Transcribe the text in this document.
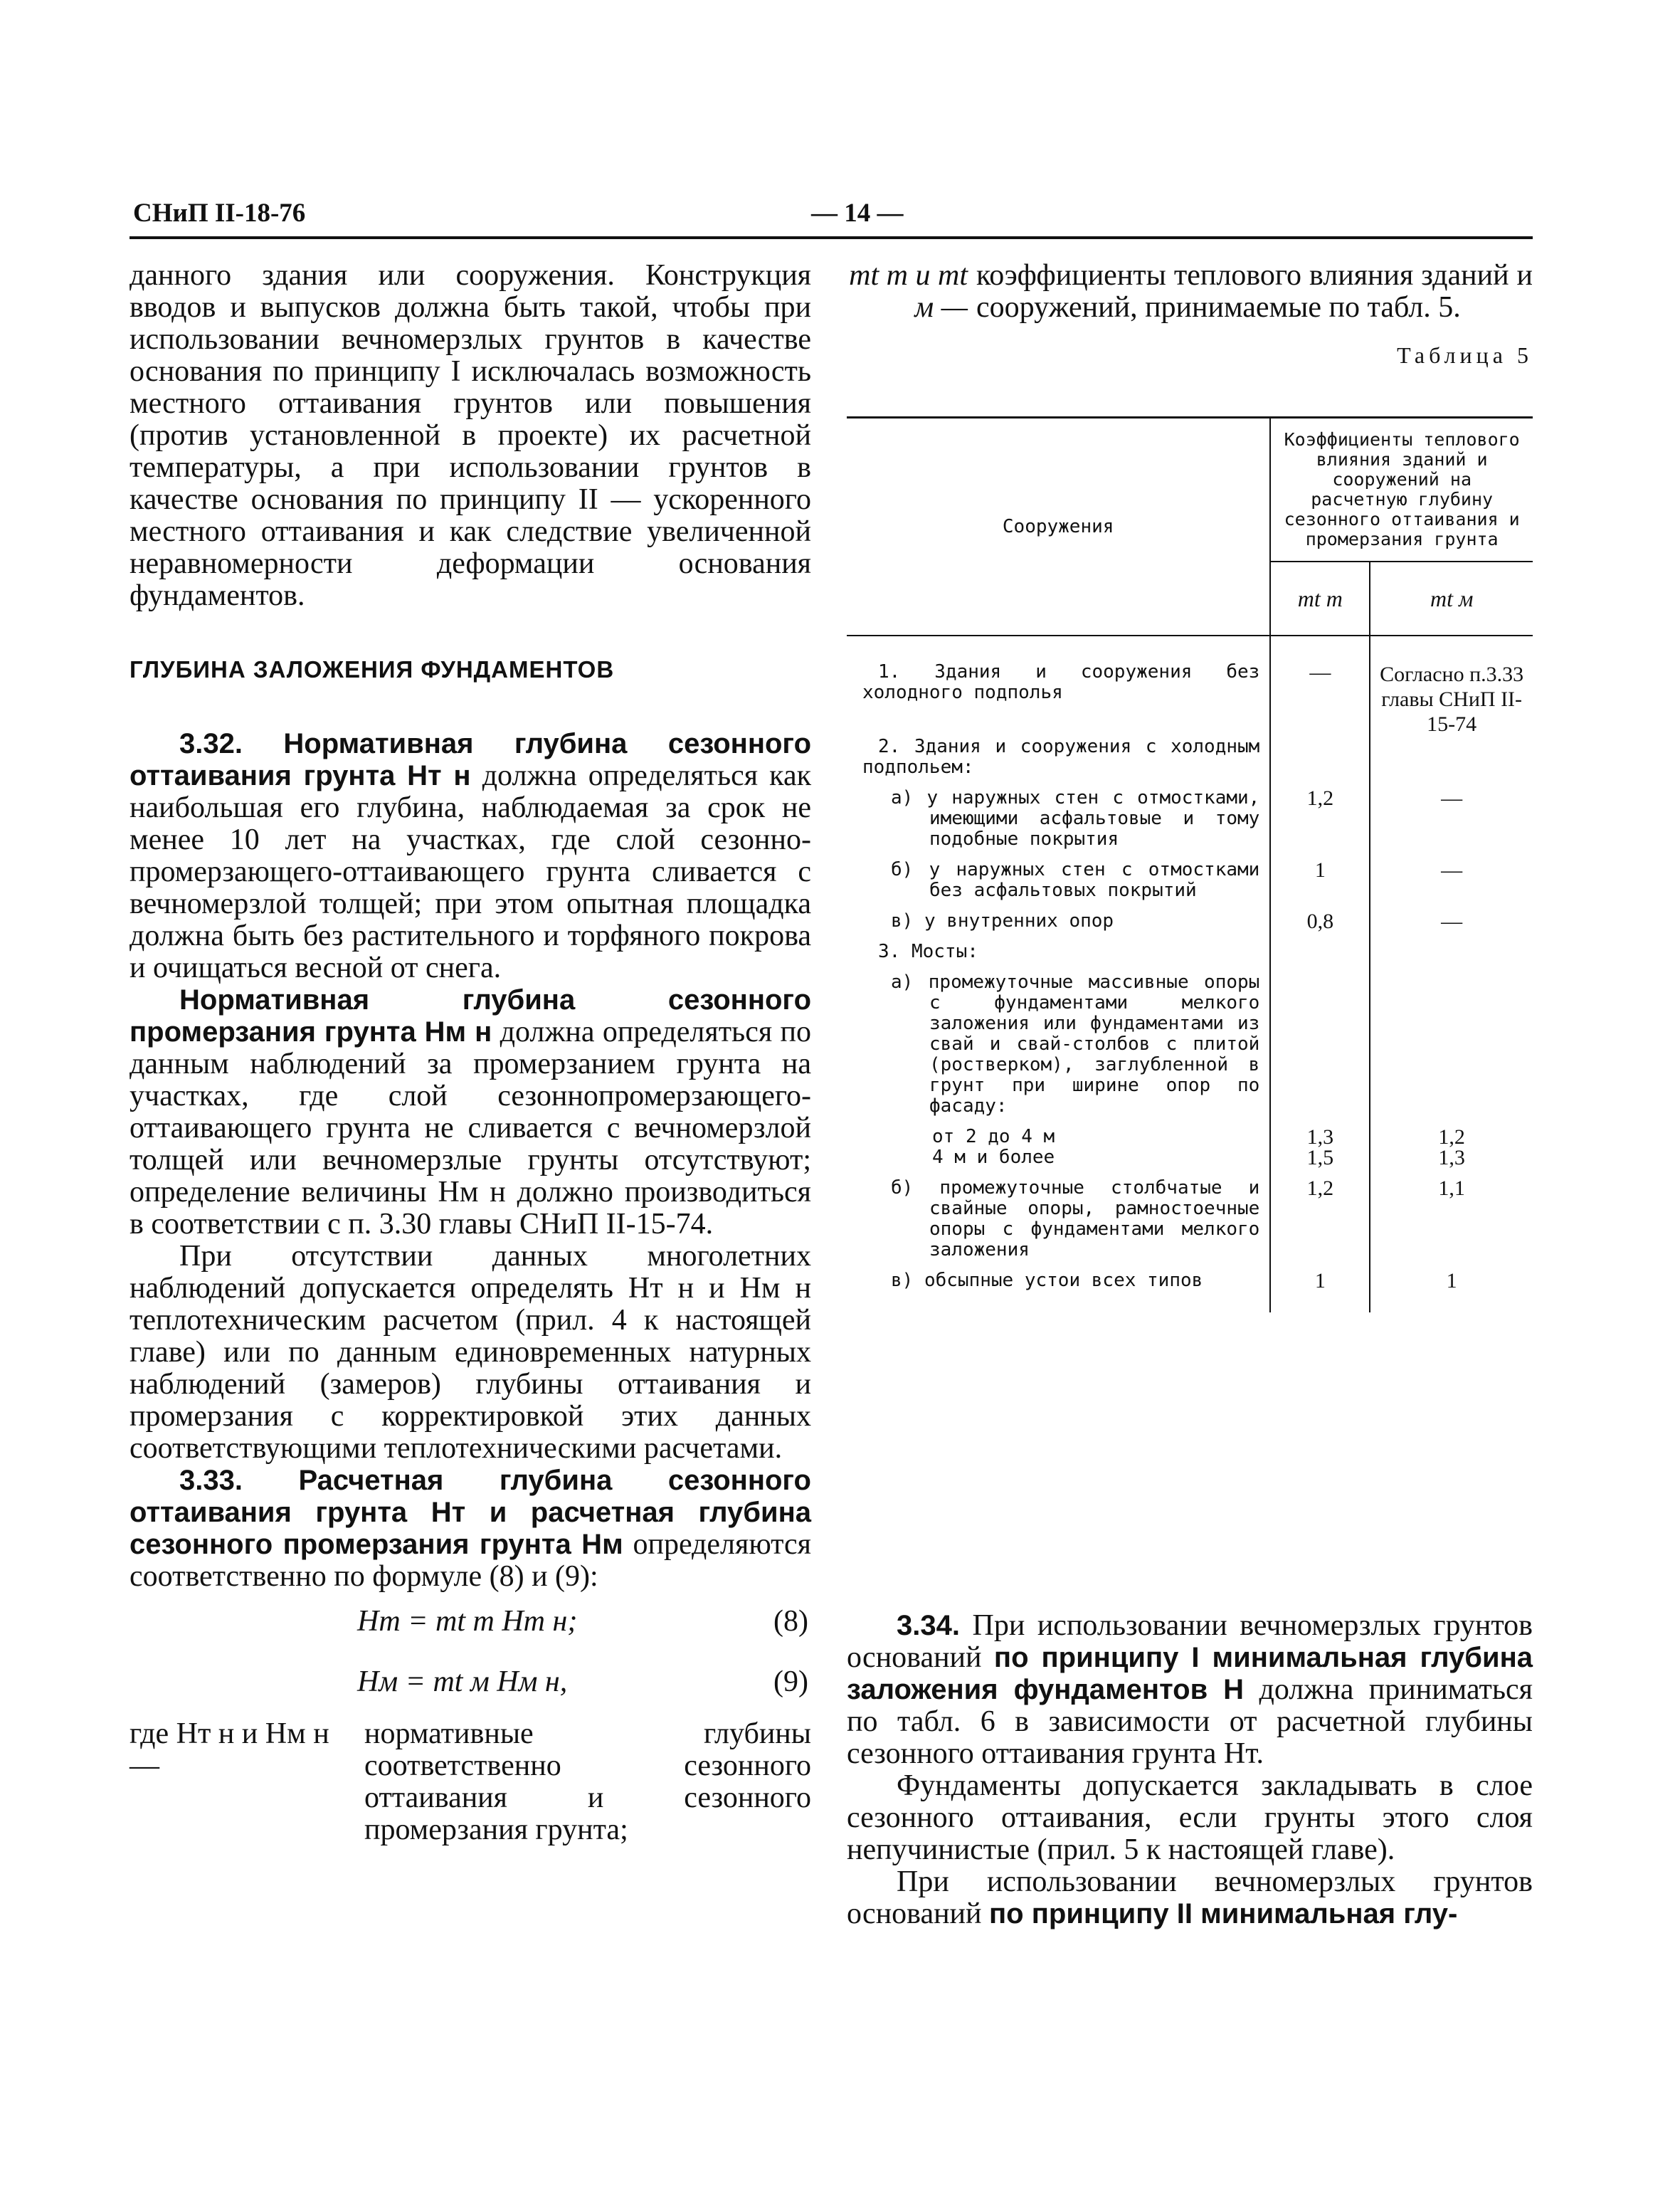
СНиП II-18-76	— 14 —

данного здания или сооружения. Конструкция вводов и выпусков должна быть такой, чтобы при использовании вечномерзлых грунтов в качестве основания по принципу I исключалась возможность местного оттаивания грунтов или повышения (против установленной в проекте) их расчетной температуры, а при использовании грунтов в качестве основания по принципу II — ускоренного местного оттаивания и как следствие увеличенной неравномерности деформации основания фундаментов.

ГЛУБИНА ЗАЛОЖЕНИЯ ФУНДАМЕНТОВ

3.32. Нормативная глубина сезонного оттаивания грунта Hт н должна определяться как наибольшая его глубина, наблюдаемая за срок не менее 10 лет на участках, где слой сезонно-промерзающего-оттаивающего грунта сливается с вечномерзлой толщей; при этом опытная площадка должна быть без растительного и торфяного покрова и очищаться весной от снега.

Нормативная глубина сезонного промерзания грунта Hм н должна определяться по данным наблюдений за промерзанием грунта на участках, где слой сезоннопромерзающего-оттаивающего грунта не сливается с вечномерзлой толщей или вечномерзлые грунты отсутствуют; определение величины Hм н должно производиться в соответствии с п. 3.30 главы СНиП II-15-74.

При отсутствии данных многолетних наблюдений допускается определять Hт н и Hм н теплотехническим расчетом (прил. 4 к настоящей главе) или по данным единовременных натурных наблюдений (замеров) глубины оттаивания и промерзания с корректировкой этих данных соответствующими теплотехническими расчетами.

3.33. Расчетная глубина сезонного оттаивания грунта Hт и расчетная глубина сезонного промерзания грунта Hм определяются соответственно по формуле (8) и (9):

Hт = mt т Hт н;	(8)
Hм = mt м Hм н,	(9)
где Hт н и Hм н —
нормативные глубины соответственно сезонного оттаивания и сезонного промерзания грунта;
mt т и mt м —
коэффициенты теплового влияния зданий и сооружений, принимаемые по табл. 5.
Таблица 5
Сооружения	Коэффициенты теплового влияния зданий и сооружений на расчетную глубину сезонного оттаивания и промерзания грунта	
	mt т	mt м

1. Здания и сооружения без холодного подполья	—	Согласно п.3.33 главы СНиП II-15-74

2. Здания и сооружения с холодным подпольем:		

а) у наружных стен с отмостками, имеющими асфальтовые и тому подобные покрытия	1,2	—

б) у наружных стен с отмостками без асфальтовых покрытий	1	—

в) у внутренних опор	0,8	—

3. Мосты:		

а) промежуточные массивные опоры с фундаментами мелкого заложения или фундаментами из свай и свай-столбов с плитой (ростверком), заглубленной в грунт при ширине опор по фасаду:		

от 2 до 4 м	1,3	1,2

4 м и более	1,5	1,3

б) промежуточные столбчатые и свайные опоры, рамностоечные опоры с фундаментами мелкого заложения	1,2	1,1

в) обсыпные устои всех типов	1	1

3.34. При использовании вечномерзлых грунтов оснований по принципу I минимальная глубина заложения фундаментов H должна приниматься по табл. 6 в зависимости от расчетной глубины сезонного оттаивания грунта Hт.

Фундаменты допускается закладывать в слое сезонного оттаивания, если грунты этого слоя непучинистые (прил. 5 к настоящей главе).

При использовании вечномерзлых грунтов оснований по принципу II минимальная глу-
